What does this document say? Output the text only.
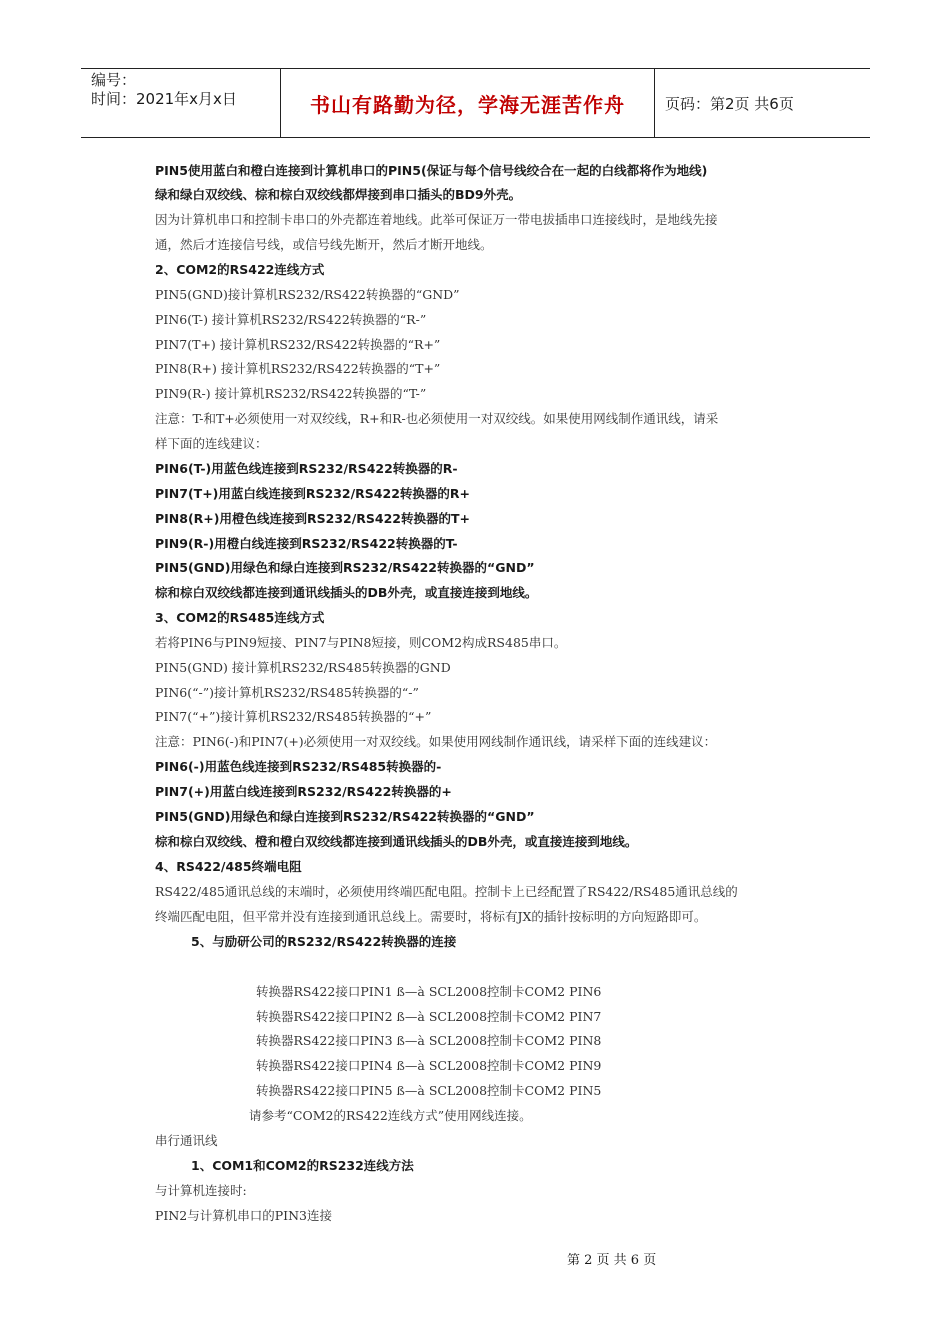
编号：
时间：2021年x月x日	书山有路勤为径，学海无涯苦作舟	页码：第2页 共6页
PIN5使用蓝白和橙白连接到计算机串口的PIN5(保证与每个信号线绞合在一起的白线都将作为地线)
绿和绿白双绞线、棕和棕白双绞线都焊接到串口插头的BD9外壳。
因为计算机串口和控制卡串口的外壳都连着地线。此举可保证万一带电拔插串口连接线时，是地线先接
通，然后才连接信号线，或信号线先断开，然后才断开地线。
2、COM2的RS422连线方式
PIN5(GND)接计算机RS232/RS422转换器的“GND”
PIN6(T-) 接计算机RS232/RS422转换器的“R-”
PIN7(T+) 接计算机RS232/RS422转换器的“R+”
PIN8(R+) 接计算机RS232/RS422转换器的“T+”
PIN9(R-) 接计算机RS232/RS422转换器的“T-”
注意：T-和T+必须使用一对双绞线，R+和R-也必须使用一对双绞线。如果使用网线制作通讯线，请采
样下面的连线建议：
PIN6(T-)用蓝色线连接到RS232/RS422转换器的R-
PIN7(T+)用蓝白线连接到RS232/RS422转换器的R+
PIN8(R+)用橙色线连接到RS232/RS422转换器的T+
PIN9(R-)用橙白线连接到RS232/RS422转换器的T-
PIN5(GND)用绿色和绿白连接到RS232/RS422转换器的“GND”
棕和棕白双绞线都连接到通讯线插头的DB外壳，或直接连接到地线。
3、COM2的RS485连线方式
若将PIN6与PIN9短接、PIN7与PIN8短接，则COM2构成RS485串口。
PIN5(GND) 接计算机RS232/RS485转换器的GND
PIN6(“-”)接计算机RS232/RS485转换器的“-”
PIN7(“+”)接计算机RS232/RS485转换器的“+”
注意：PIN6(-)和PIN7(+)必须使用一对双绞线。如果使用网线制作通讯线，请采样下面的连线建议：
PIN6(-)用蓝色线连接到RS232/RS485转换器的-
PIN7(+)用蓝白线连接到RS232/RS422转换器的+
PIN5(GND)用绿色和绿白连接到RS232/RS422转换器的“GND”
棕和棕白双绞线、橙和橙白双绞线都连接到通讯线插头的DB外壳，或直接连接到地线。
4、RS422/485终端电阻
RS422/485通讯总线的末端时，必须使用终端匹配电阻。控制卡上已经配置了RS422/RS485通讯总线的
终端匹配电阻，但平常并没有连接到通讯总线上。需要时，将标有JX的插针按标明的方向短路即可。
5、与励研公司的RS232/RS422转换器的连接
转换器RS422接口PIN1 ß—à SCL2008控制卡COM2 PIN6
转换器RS422接口PIN2 ß—à SCL2008控制卡COM2 PIN7
转换器RS422接口PIN3 ß—à SCL2008控制卡COM2 PIN8
转换器RS422接口PIN4 ß—à SCL2008控制卡COM2 PIN9
转换器RS422接口PIN5 ß—à SCL2008控制卡COM2 PIN5
请参考“COM2的RS422连线方式”使用网线连接。
串行通讯线
1、COM1和COM2的RS232连线方法
与计算机连接时:
PIN2与计算机串口的PIN3连接
第 2 页 共 6 页
